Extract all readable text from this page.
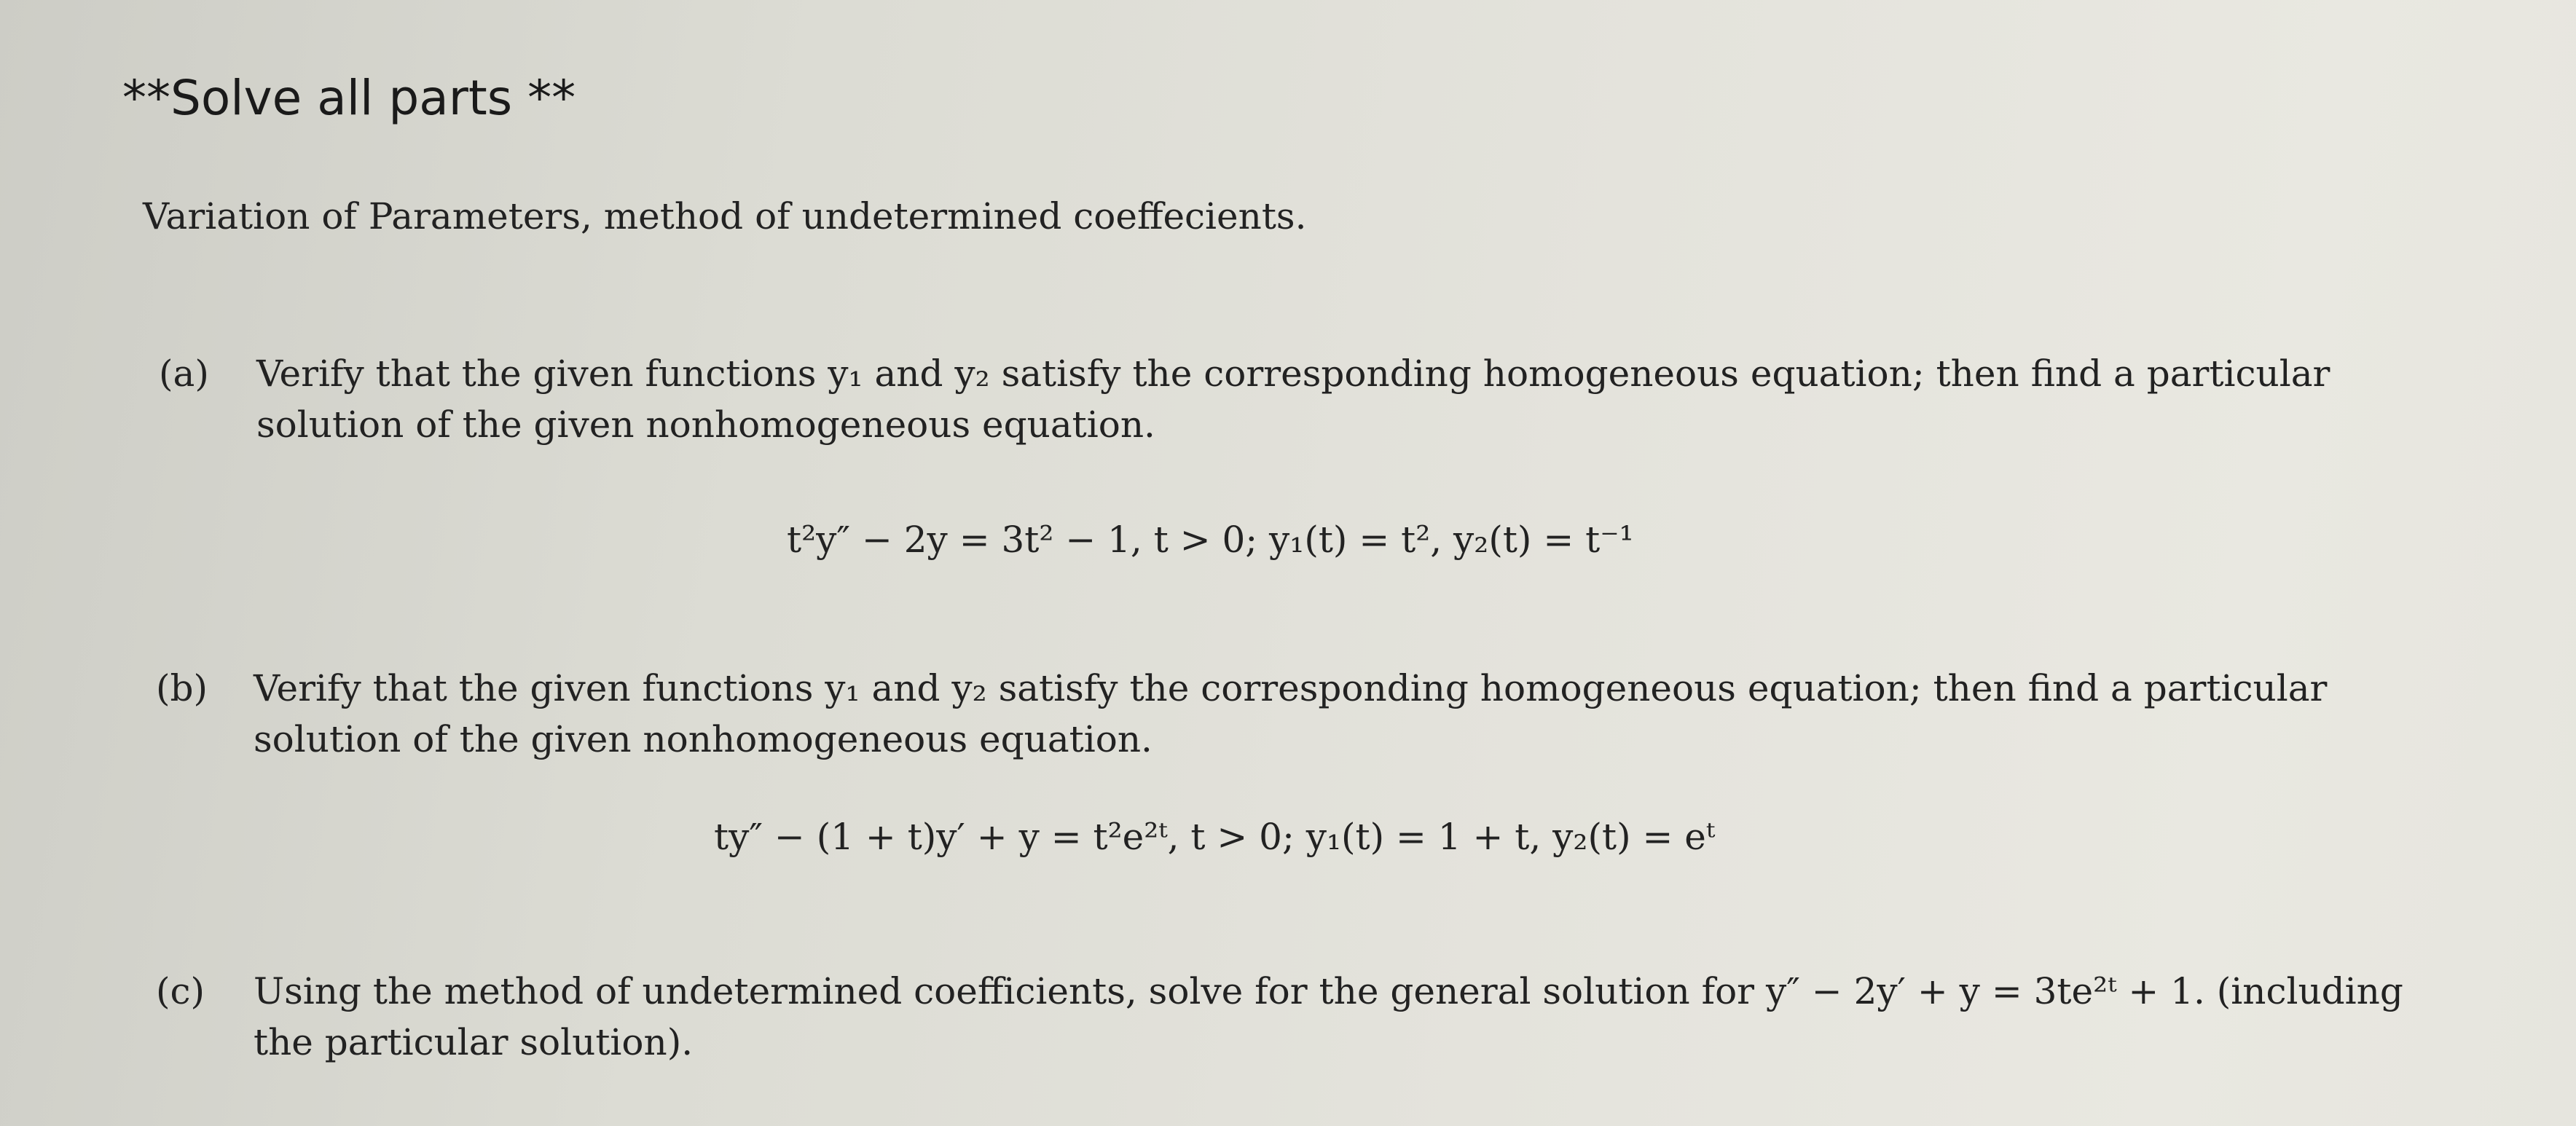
**Solve all parts **
Variation of Parameters, method of undetermined coeffecients.
(a) Verify that the given functions y₁ and y₂ satisfy the corresponding homogeneous equation; then find a particular
solution of the given nonhomogeneous equation.
t²y″ − 2y = 3t² − 1, t > 0; y₁(t) = t², y₂(t) = t⁻¹
(b) Verify that the given functions y₁ and y₂ satisfy the corresponding homogeneous equation; then find a particular
solution of the given nonhomogeneous equation.
ty″ − (1 + t)y′ + y = t²e²ᵗ, t > 0; y₁(t) = 1 + t, y₂(t) = eᵗ
(c) Using the method of undetermined coefficients, solve for the general solution for y″ − 2y′ + y = 3te²ᵗ + 1. (including
the particular solution).
